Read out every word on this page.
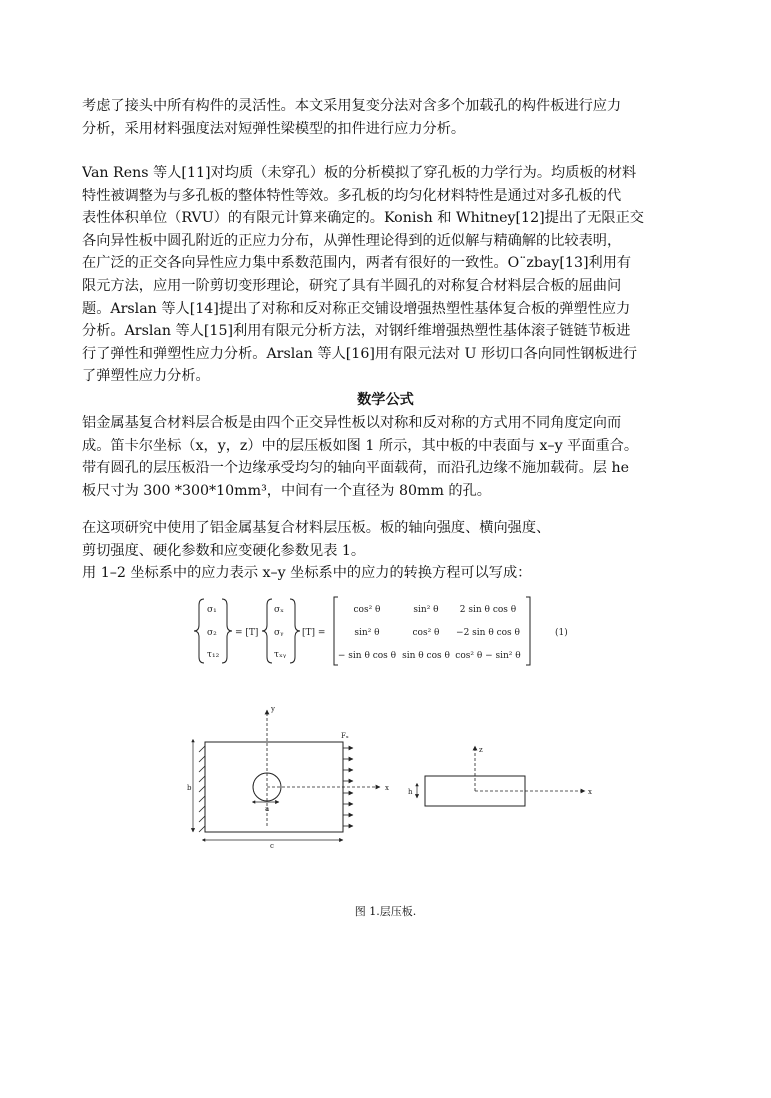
考虑了接头中所有构件的灵活性。本文采用复变分法对含多个加载孔的构件板进行应力
分析，采用材料强度法对短弹性梁模型的扣件进行应力分析。
Van Rens 等人[11]对均质（未穿孔）板的分析模拟了穿孔板的力学行为。均质板的材料
特性被调整为与多孔板的整体特性等效。多孔板的均匀化材料特性是通过对多孔板的代
表性体积单位（RVU）的有限元计算来确定的。Konish 和 Whitney[12]提出了无限正交
各向异性板中圆孔附近的正应力分布，从弹性理论得到的近似解与精确解的比较表明，
在广泛的正交各向异性应力集中系数范围内，两者有很好的一致性。O¨zbay[13]利用有
限元方法，应用一阶剪切变形理论，研究了具有半圆孔的对称复合材料层合板的屈曲问
题。Arslan 等人[14]提出了对称和反对称正交铺设增强热塑性基体复合板的弹塑性应力
分析。Arslan 等人[15]利用有限元分析方法，对钢纤维增强热塑性基体滚子链链节板进
行了弹性和弹塑性应力分析。Arslan 等人[16]用有限元法对 U 形切口各向同性钢板进行
了弹塑性应力分析。
数学公式
铝金属基复合材料层合板是由四个正交异性板以对称和反对称的方式用不同角度定向而
成。笛卡尔坐标（x，y，z）中的层压板如图 1 所示，其中板的中表面与 x–y 平面重合。
带有圆孔的层压板沿一个边缘承受均匀的轴向平面载荷，而沿孔边缘不施加载荷。层 he
板尺寸为 300 *300*10mm³，中间有一个直径为 80mm 的孔。
在这项研究中使用了铝金属基复合材料层压板。板的轴向强度、横向强度、
剪切强度、硬化参数和应变硬化参数见表 1。
用 1–2 坐标系中的应力表示 x–y 坐标系中的应力的转换方程可以写成：
σ₁
σ₂
τ₁₂
= [T]
σₓ
σᵧ
τₓᵧ
[T] =
cos² θ	sin² θ 2 sin θ cos θ
sin² θ	cos² θ −2 sin θ cos θ
− sin θ cos θ sin θ cos θ cos² θ − sin² θ
(1)
y
x
Fₓ
a
b
c
z
x
h
图 1.层压板.
